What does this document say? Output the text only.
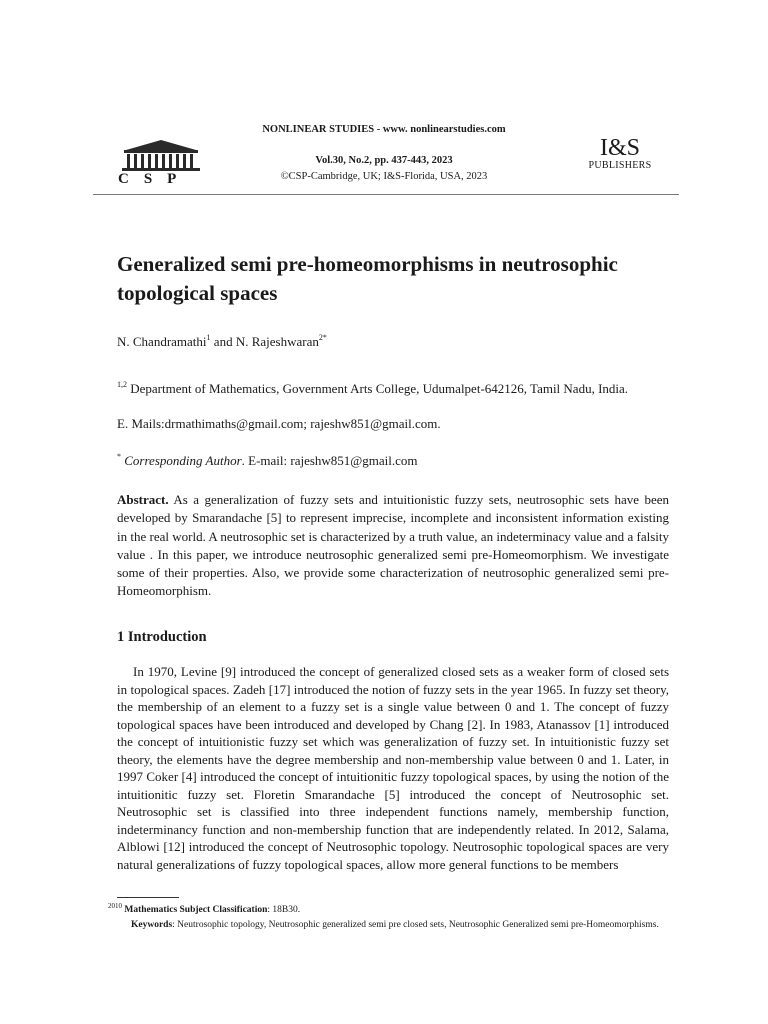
NONLINEAR STUDIES - www. nonlinearstudies.com
Vol.30, No.2, pp. 437-443, 2023
©CSP-Cambridge, UK; I&S-Florida, USA, 2023
CSP
I&S
PUBLISHERS
Generalized semi pre-homeomorphisms in neutrosophic topological spaces
N. Chandramathi$^1$ and N. Rajeshwaran$^{2*}$
$^{1,2}$ Department of Mathematics, Government Arts College, Udumalpet-642126, Tamil Nadu, India.
E. Mails:drmathimaths@gmail.com; rajeshw851@gmail.com.
* Corresponding Author. E-mail: rajeshw851@gmail.com
Abstract. As a generalization of fuzzy sets and intuitionistic fuzzy sets, neutrosophic sets have been developed by Smarandache [5] to represent imprecise, incomplete and inconsistent information existing in the real world. A neutrosophic set is characterized by a truth value, an indeterminacy value and a falsity value . In this paper, we introduce neutrosophic generalized semi pre-Homeomorphism. We investigate some of their properties. Also, we provide some characterization of neutrosophic generalized semi pre-Homeomorphism.
1 Introduction
In 1970, Levine [9] introduced the concept of generalized closed sets as a weaker form of closed sets in topological spaces. Zadeh [17] introduced the notion of fuzzy sets in the year 1965. In fuzzy set theory, the membership of an element to a fuzzy set is a single value between 0 and 1. The concept of fuzzy topological spaces have been introduced and developed by Chang [2]. In 1983, Atanassov [1] introduced the concept of intuitionistic fuzzy set which was generalization of fuzzy set. In intuitionistic fuzzy set theory, the elements have the degree membership and non-membership value between 0 and 1. Later, in 1997 Coker [4] introduced the concept of intuitionitic fuzzy topological spaces, by using the notion of the intuitionitic fuzzy set. Floretin Smarandache [5] introduced the concept of Neutrosophic set. Neutrosophic set is classified into three independent functions namely, membership function, indeterminancy function and non-membership function that are independently related. In 2012, Salama, Alblowi [12] introduced the concept of Neutrosophic topology. Neutrosophic topological spaces are very natural generalizations of fuzzy topological spaces, allow more general functions to be members
$^{2010}$ Mathematics Subject Classification: 18B30.
Keywords: Neutrosophic topology, Neutrosophic generalized semi pre closed sets, Neutrosophic Generalized semi pre-Homeomorphisms.
